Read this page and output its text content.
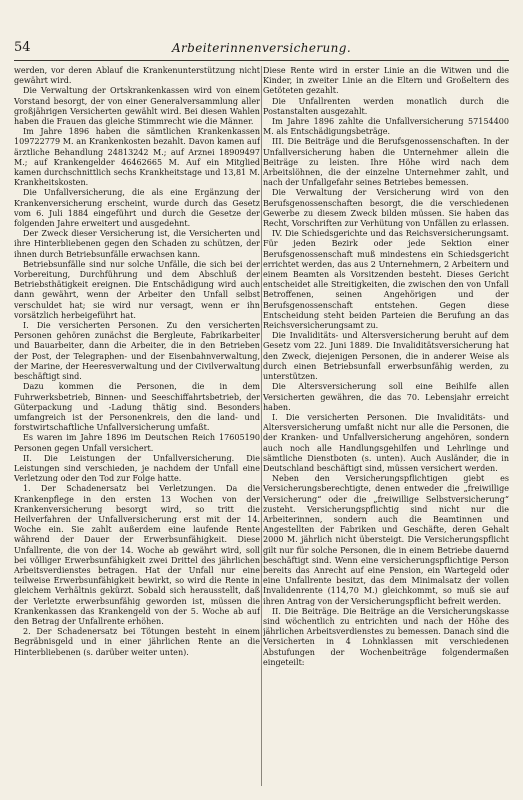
54	Arbeiterinnenversicherung.

werden, vor deren Ablauf die Krankenunterstützung nicht gewährt wird.

Die Verwaltung der Ortskrankenkassen wird von einem Vorstand besorgt, der von einer Generalversammlung aller großjährigen Versicherten gewählt wird. Bei diesen Wahlen haben die Frauen das gleiche Stimmrecht wie die Männer.

Im Jahre 1896 haben die sämtlichen Krankenkassen 109722779 M. an Krankenkosten bezahlt. Davon kamen auf ärztliche Behandlung 24813242 M.; auf Arznei 18909497 M.; auf Krankengelder 46462665 M. Auf ein Mitglied kamen durchschnittlich sechs Krankheitstage und 13,81 M. Krankheitskosten.

Die Unfallversicherung, die als eine Ergänzung der Krankenversicherung erscheint, wurde durch das Gesetz vom 6. Juli 1884 eingeführt und durch die Gesetze der folgenden Jahre erweitert und ausgedehnt.

Der Zweck dieser Versicherung ist, die Versicherten und ihre Hinterbliebenen gegen den Schaden zu schützen, der ihnen durch Betriebsunfälle erwachsen kann.

Betriebsunfälle sind nur solche Unfälle, die sich bei der Vorbereitung, Durchführung und dem Abschluß der Betriebsthätigkeit ereignen. Die Entschädigung wird auch dann gewährt, wenn der Arbeiter den Unfall selbst verschuldet hat; sie wird nur versagt, wenn er ihn vorsätzlich herbeigeführt hat.

I. Die versicherten Personen. Zu den versicherten Personen gehören zunächst die Bergleute, Fabrikarbeiter und Bauarbeiter, dann die Arbeiter, die in den Betrieben der Post, der Telegraphen- und der Eisenbahnverwaltung, der Marine, der Heeresverwaltung und der Civilverwaltung beschäftigt sind.

Dazu kommen die Personen, die in dem Fuhrwerksbetrieb, Binnen- und Seeschiffahrtsbetrieb, der Güterpackung und -Ladung thätig sind. Besonders umfangreich ist der Personenkreis, den die land- und forstwirtschaftliche Unfallversicherung umfaßt.

Es waren im Jahre 1896 im Deutschen Reich 17605190 Personen gegen Unfall versichert.

II. Die Leistungen der Unfallversicherung. Die Leistungen sind verschieden, je nachdem der Unfall eine Verletzung oder den Tod zur Folge hatte.

1. Der Schadenersatz bei Verletzungen. Da die Krankenpflege in den ersten 13 Wochen von der Krankenversicherung besorgt wird, so tritt die Heilverfahren der Unfallversicherung erst mit der 14. Woche ein. Sie zahlt außerdem eine laufende Rente während der Dauer der Erwerbsunfähigkeit. Diese Unfallrente, die von der 14. Woche ab gewährt wird, soll bei völliger Erwerbsunfähigkeit zwei Drittel des jährlichen Arbeitsverdienstes betragen. Hat der Unfall nur eine teilweise Erwerbsunfähigkeit bewirkt, so wird die Rente in gleichem Verhältnis gekürzt. Sobald sich herausstellt, daß der Verletzte erwerbsunfähig geworden ist, müssen die Krankenkassen das Krankengeld von der 5. Woche ab auf den Betrag der Unfallrente erhöhen.

2. Der Schadenersatz bei Tötungen besteht in einem Begräbnisgeld und in einer jährlichen Rente an die Hinterbliebenen (s. darüber weiter unten).

Diese Rente wird in erster Linie an die Witwen und die Kinder, in zweiter Linie an die Eltern und Großeltern des Getöteten gezahlt.

Die Unfallrenten werden monatlich durch die Postanstalten ausgezahlt.

Im Jahre 1896 zahlte die Unfallversicherung 57154400 M. als Entschädigungsbeträge.

III. Die Beiträge und die Berufsgenossenschaften. In der Unfallversicherung haben die Unternehmer allein die Beiträge zu leisten. Ihre Höhe wird nach dem Arbeitslöhnen, die der einzelne Unternehmer zahlt, und nach der Unfallgefahr seines Betriebes bemessen.

Die Verwaltung der Versicherung wird von den Berufsgenossenschaften besorgt, die die verschiedenen Gewerbe zu diesem Zweck bilden müssen. Sie haben das Recht, Vorschriften zur Verhütung von Unfällen zu erlassen.

IV. Die Schiedsgerichte und das Reichsversicherungsamt. Für jeden Bezirk oder jede Sektion einer Berufsgenossenschaft muß mindestens ein Schiedsgericht errichtet werden, das aus 2 Unternehmern, 2 Arbeitern und einem Beamten als Vorsitzenden besteht. Dieses Gericht entscheidet alle Streitigkeiten, die zwischen den von Unfall Betroffenen, seinen Angehörigen und der Berufsgenossenschaft entstehen. Gegen diese Entscheidung steht beiden Parteien die Berufung an das Reichsversicherungsamt zu.

Die Invaliditäts- und Altersversicherung beruht auf dem Gesetz vom 22. Juni 1889. Die Invaliditätsversicherung hat den Zweck, diejenigen Personen, die in anderer Weise als durch einen Betriebsunfall erwerbsunfähig werden, zu unterstützen.

Die Altersversicherung soll eine Beihilfe allen Versicherten gewähren, die das 70. Lebensjahr erreicht haben.

I. Die versicherten Personen. Die Invaliditäts- und Altersversicherung umfaßt nicht nur alle die Personen, die der Kranken- und Unfallversicherung angehören, sondern auch noch alle Handlungsgehilfen und Lehrlinge und sämtliche Dienstboten (s. unten). Auch Ausländer, die in Deutschland beschäftigt sind, müssen versichert werden.

Neben den Versicherungspflichtigen giebt es Versicherungsberechtigte, denen entweder die „freiwillige Versicherung“ oder die „freiwillige Selbstversicherung“ zusteht. Versicherungspflichtig sind nicht nur die Arbeiterinnen, sondern auch die Beamtinnen und Angestellten der Fabriken und Geschäfte, deren Gehalt 2000 M. jährlich nicht übersteigt. Die Versicherungspflicht gilt nur für solche Personen, die in einem Betriebe dauernd beschäftigt sind. Wenn eine versicherungspflichtige Person bereits das Anrecht auf eine Pension, ein Wartegeld oder eine Unfallrente besitzt, das dem Minimalsatz der vollen Invalidenrente (114,70 M.) gleichkommt, so muß sie auf ihren Antrag von der Versicherungspflicht befreit werden.

II. Die Beiträge. Die Beiträge an die Versicherungskasse sind wöchentlich zu entrichten und nach der Höhe des jährlichen Arbeitsverdienstes zu bemessen. Danach sind die Versicherten in 4 Lohnklassen mit verschiedenen Abstufungen der Wochenbeiträge folgendermaßen eingeteilt:
